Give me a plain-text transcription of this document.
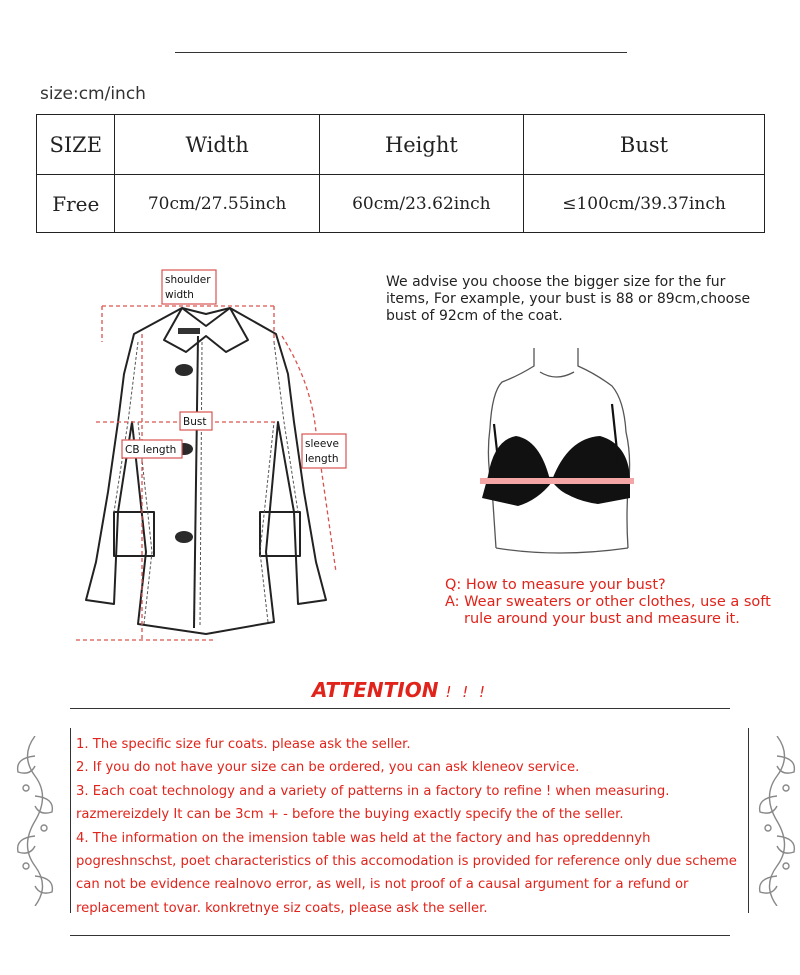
size:cm/inch
SIZE	Width	Height	Bust
Free	70cm/27.55inch	60cm/23.62inch	≤100cm/39.37inch
shoulder
width
Bust
CB length	sleeve
length
We advise you choose the bigger size for the fur
items, For example, your bust is 88 or 89cm,choose
bust of 92cm of the coat.
Q: How to measure your bust?
A: Wear sweaters or other clothes, use a soft
rule around your bust and measure it.
ATTENTION ! ! !
1. The specific size fur coats. please ask the seller.
2. If you do not have your size can be ordered, you can ask kleneov service.
3. Each coat technology and a variety of patterns in a factory to refine ! when measuring.
razmereizdely It can be 3cm + - before the buying exactly specify the of the seller.
4. The information on the imension table was held at the factory and has opreddennyh
pogreshnschst, poet characteristics of this accomodation is provided for reference only due scheme
can not be evidence realnovo error, as well, is not proof of a causal argument for a refund or
replacement tovar. konkretnye siz coats, please ask the seller.
